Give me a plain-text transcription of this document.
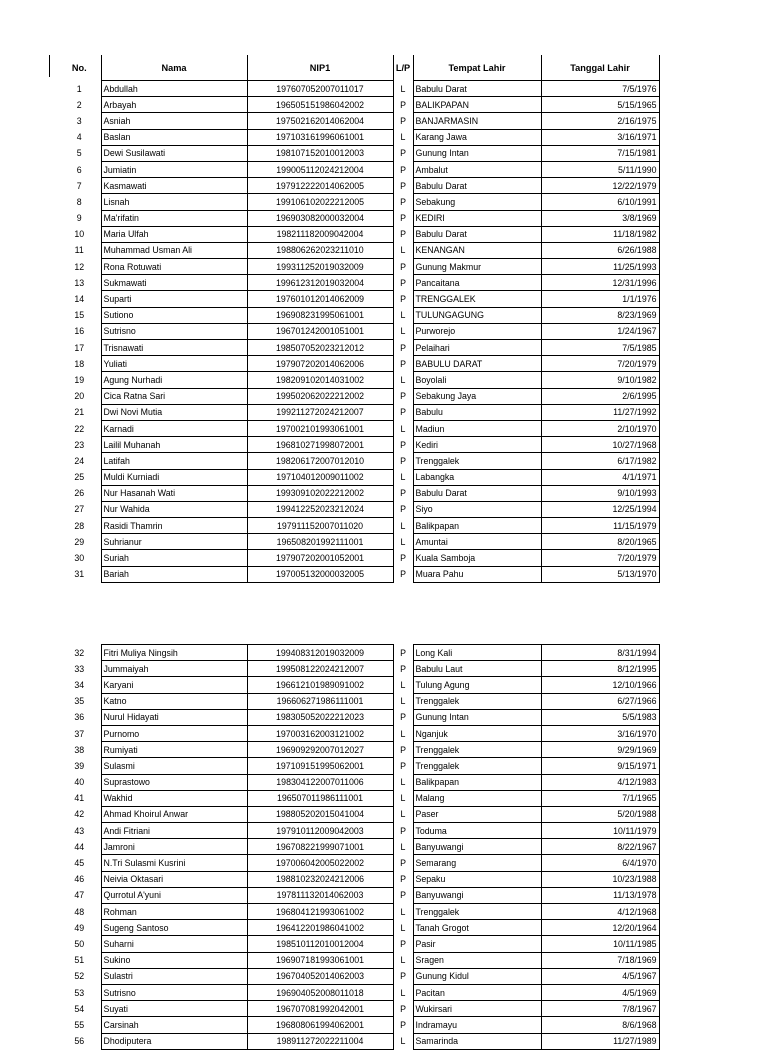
No.	Nama	NIP1	L/P	Tempat Lahir	Tanggal Lahir
1	Abdullah	197607052007011017	L	Babulu Darat	7/5/1976
2	Arbayah	196505151986042002	P	BALIKPAPAN	5/15/1965
3	Asniah	197502162014062004	P	BANJARMASIN	2/16/1975
4	Baslan	197103161996061001	L	Karang Jawa	3/16/1971
5	Dewi Susilawati	198107152010012003	P	Gunung Intan	7/15/1981
6	Jumiatin	199005112024212004	P	Ambalut	5/11/1990
7	Kasmawati	197912222014062005	P	Babulu Darat	12/22/1979
8	Lisnah	199106102022212005	P	Sebakung	6/10/1991
9	Ma'rifatin	196903082000032004	P	KEDIRI	3/8/1969
10	Maria Ulfah	198211182009042004	P	Babulu Darat	11/18/1982
11	Muhammad Usman Ali	198806262023211010	L	KENANGAN	6/26/1988
12	Rona Rotuwati	199311252019032009	P	Gunung Makmur	11/25/1993
13	Sukmawati	199612312019032004	P	Pancaitana	12/31/1996
14	Suparti	197601012014062009	P	TRENGGALEK	1/1/1976
15	Sutiono	196908231995061001	L	TULUNGAGUNG	8/23/1969
16	Sutrisno	196701242001051001	L	Purworejo	1/24/1967
17	Trisnawati	198507052023212012	P	Pelaihari	7/5/1985
18	Yuliati	197907202014062006	P	BABULU DARAT	7/20/1979
19	Agung Nurhadi	198209102014031002	L	Boyolali	9/10/1982
20	Cica Ratna Sari	199502062022212002	P	Sebakung Jaya	2/6/1995
21	Dwi Novi Mutia	199211272024212007	P	Babulu	11/27/1992
22	Karnadi	197002101993061001	L	Madiun	2/10/1970
23	Lailil Muhanah	196810271998072001	P	Kediri	10/27/1968
24	Latifah	198206172007012010	P	Trenggalek	6/17/1982
25	Muldi Kurniadi	197104012009011002	L	Labangka	4/1/1971
26	Nur Hasanah Wati	199309102022212002	P	Babulu Darat	9/10/1993
27	Nur Wahida	199412252023212024	P	Siyo	12/25/1994
28	Rasidi Thamrin	197911152007011020	L	Balikpapan	11/15/1979
29	Suhrianur	196508201992111001	L	Amuntai	8/20/1965
30	Suriah	197907202001052001	P	Kuala Samboja	7/20/1979
31	Bariah	197005132000032005	P	Muara Pahu	5/13/1970
32	Fitri Muliya Ningsih	199408312019032009	P	Long Kali	8/31/1994
33	Jummaiyah	199508122024212007	P	Babulu Laut	8/12/1995
34	Karyani	196612101989091002	L	Tulung Agung	12/10/1966
35	Katno	196606271986111001	L	Trenggalek	6/27/1966
36	Nurul Hidayati	198305052022212023	P	Gunung Intan	5/5/1983
37	Purnomo	197003162003121002	L	Nganjuk	3/16/1970
38	Rumiyati	196909292007012027	P	Trenggalek	9/29/1969
39	Sulasmi	197109151995062001	P	Trenggalek	9/15/1971
40	Suprastowo	198304122007011006	L	Balikpapan	4/12/1983
41	Wakhid	196507011986111001	L	Malang	7/1/1965
42	Ahmad Khoirul Anwar	198805202015041004	L	Paser	5/20/1988
43	Andi Fitriani	197910112009042003	P	Toduma	10/11/1979
44	Jamroni	196708221999071001	L	Banyuwangi	8/22/1967
45	N.Tri Sulasmi Kusrini	197006042005022002	P	Semarang	6/4/1970
46	Neivia Oktasari	198810232024212006	P	Sepaku	10/23/1988
47	Qurrotul A'yuni	197811132014062003	P	Banyuwangi	11/13/1978
48	Rohman	196804121993061002	L	Trenggalek	4/12/1968
49	Sugeng Santoso	196412201986041002	L	Tanah Grogot	12/20/1964
50	Suharni	198510112010012004	P	Pasir	10/11/1985
51	Sukino	196907181993061001	L	Sragen	7/18/1969
52	Sulastri	196704052014062003	P	Gunung Kidul	4/5/1967
53	Sutrisno	196904052008011018	L	Pacitan	4/5/1969
54	Suyati	196707081992042001	P	Wukirsari	7/8/1967
55	Carsinah	196808061994062001	P	Indramayu	8/6/1968
56	Dhodiputera	198911272022211004	L	Samarinda	11/27/1989
